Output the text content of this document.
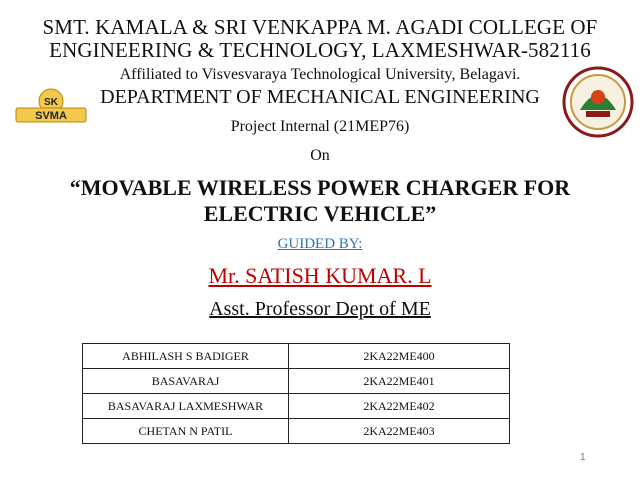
SMT. KAMALA & SRI VENKAPPA M. AGADI COLLEGE OF
ENGINEERING & TECHNOLOGY, LAXMESHWAR-582116
Affiliated to Visvesvaraya Technological University, Belagavi.
SK
SVMA
DEPARTMENT OF MECHANICAL ENGINEERING
Project Internal (21MEP76)
On
“MOVABLE WIRELESS POWER CHARGER FOR
ELECTRIC VEHICLE”
GUIDED BY:
Mr. SATISH KUMAR. L
Asst. Professor Dept of ME
ABHILASH S BADIGER	2KA22ME400
BASAVARAJ	2KA22ME401
BASAVARAJ LAXMESHWAR	2KA22ME402
CHETAN N PATIL	2KA22ME403
1
